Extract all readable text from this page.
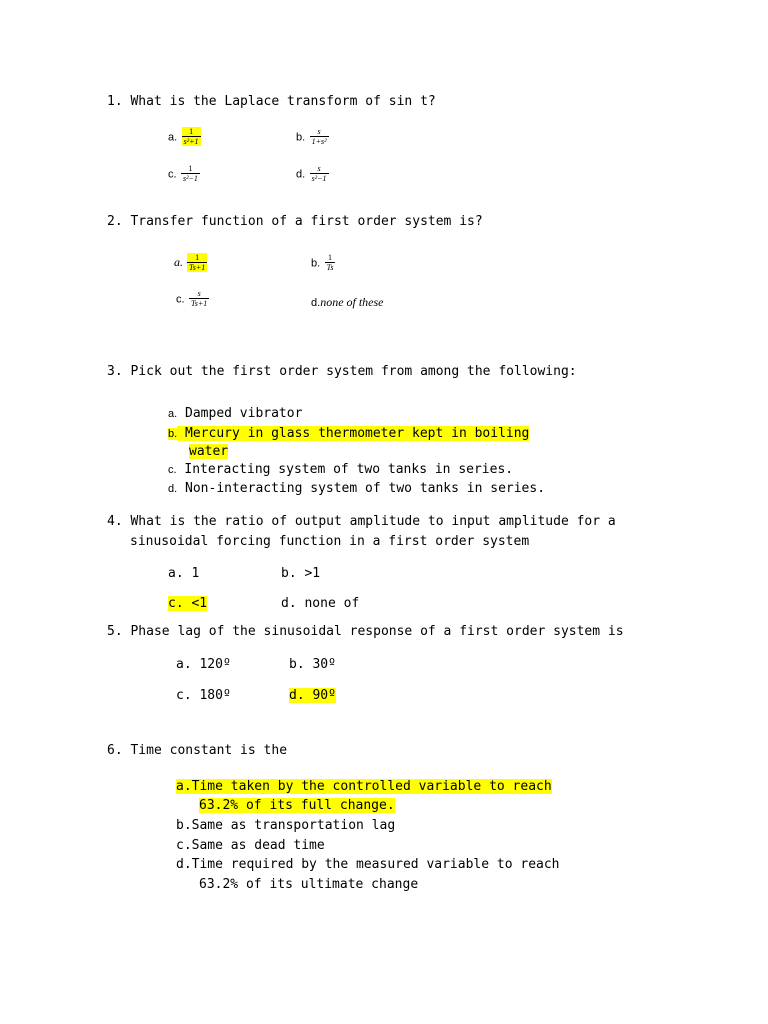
1. What is the Laplace transform of sin t?
a. $\frac{1}{\text{s²+1}}$	b. $\frac{s}{\text{1+s²}}$
c. $\frac{1}{\text{s²−1}}$	d. $\frac{s}{\text{s²−1}}$
2. Transfer function of a first order system is?
a. $\frac{1}{Ts+1}$	b. $\frac{1}{Ts}$
c. $\frac{s}{Ts+1}$	d.none of these
3. Pick out the first order system from among the following:
a. Damped vibrator
b. Mercury in glass thermometer kept in boiling
water
c. Interacting system of two tanks in series.
d. Non-interacting system of two tanks in series.
4. What is the ratio of output amplitude to input amplitude for a
sinusoidal forcing function in a first order system
a. 1	b. >1
c. <1	d. none of
5. Phase lag of the sinusoidal response of a first order system is
a. 120º	b. 30º
c. 180º	d. 90º
6. Time constant is the
a.Time taken by the controlled variable to reach
63.2% of its full change.
b.Same as transportation lag
c.Same as dead time
d.Time required by the measured variable to reach
63.2% of its ultimate change
